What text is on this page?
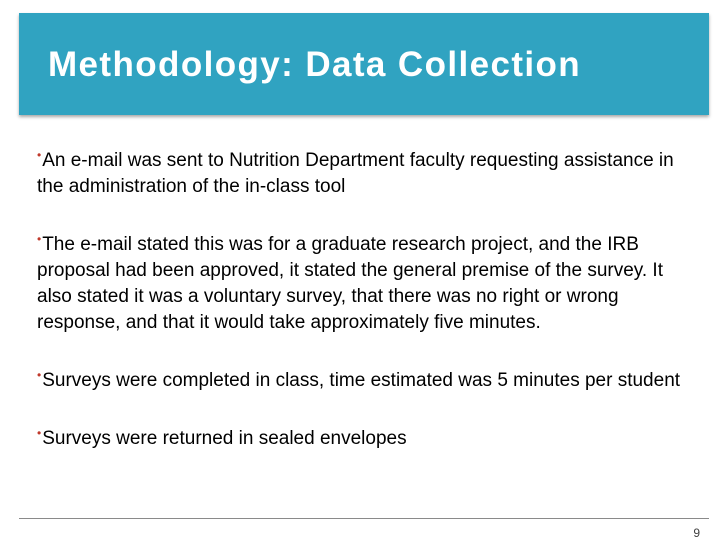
Methodology: Data Collection
•An e-mail was sent to Nutrition Department faculty requesting assistance in the administration of the in-class tool
•The e-mail stated this was for a graduate research project, and the IRB proposal had been approved, it stated the general premise of the survey. It also stated it was a voluntary survey, that there was no right or wrong response, and that it would take approximately five minutes.
•Surveys were completed in class, time estimated was 5 minutes per student
•Surveys were returned in sealed envelopes
9
